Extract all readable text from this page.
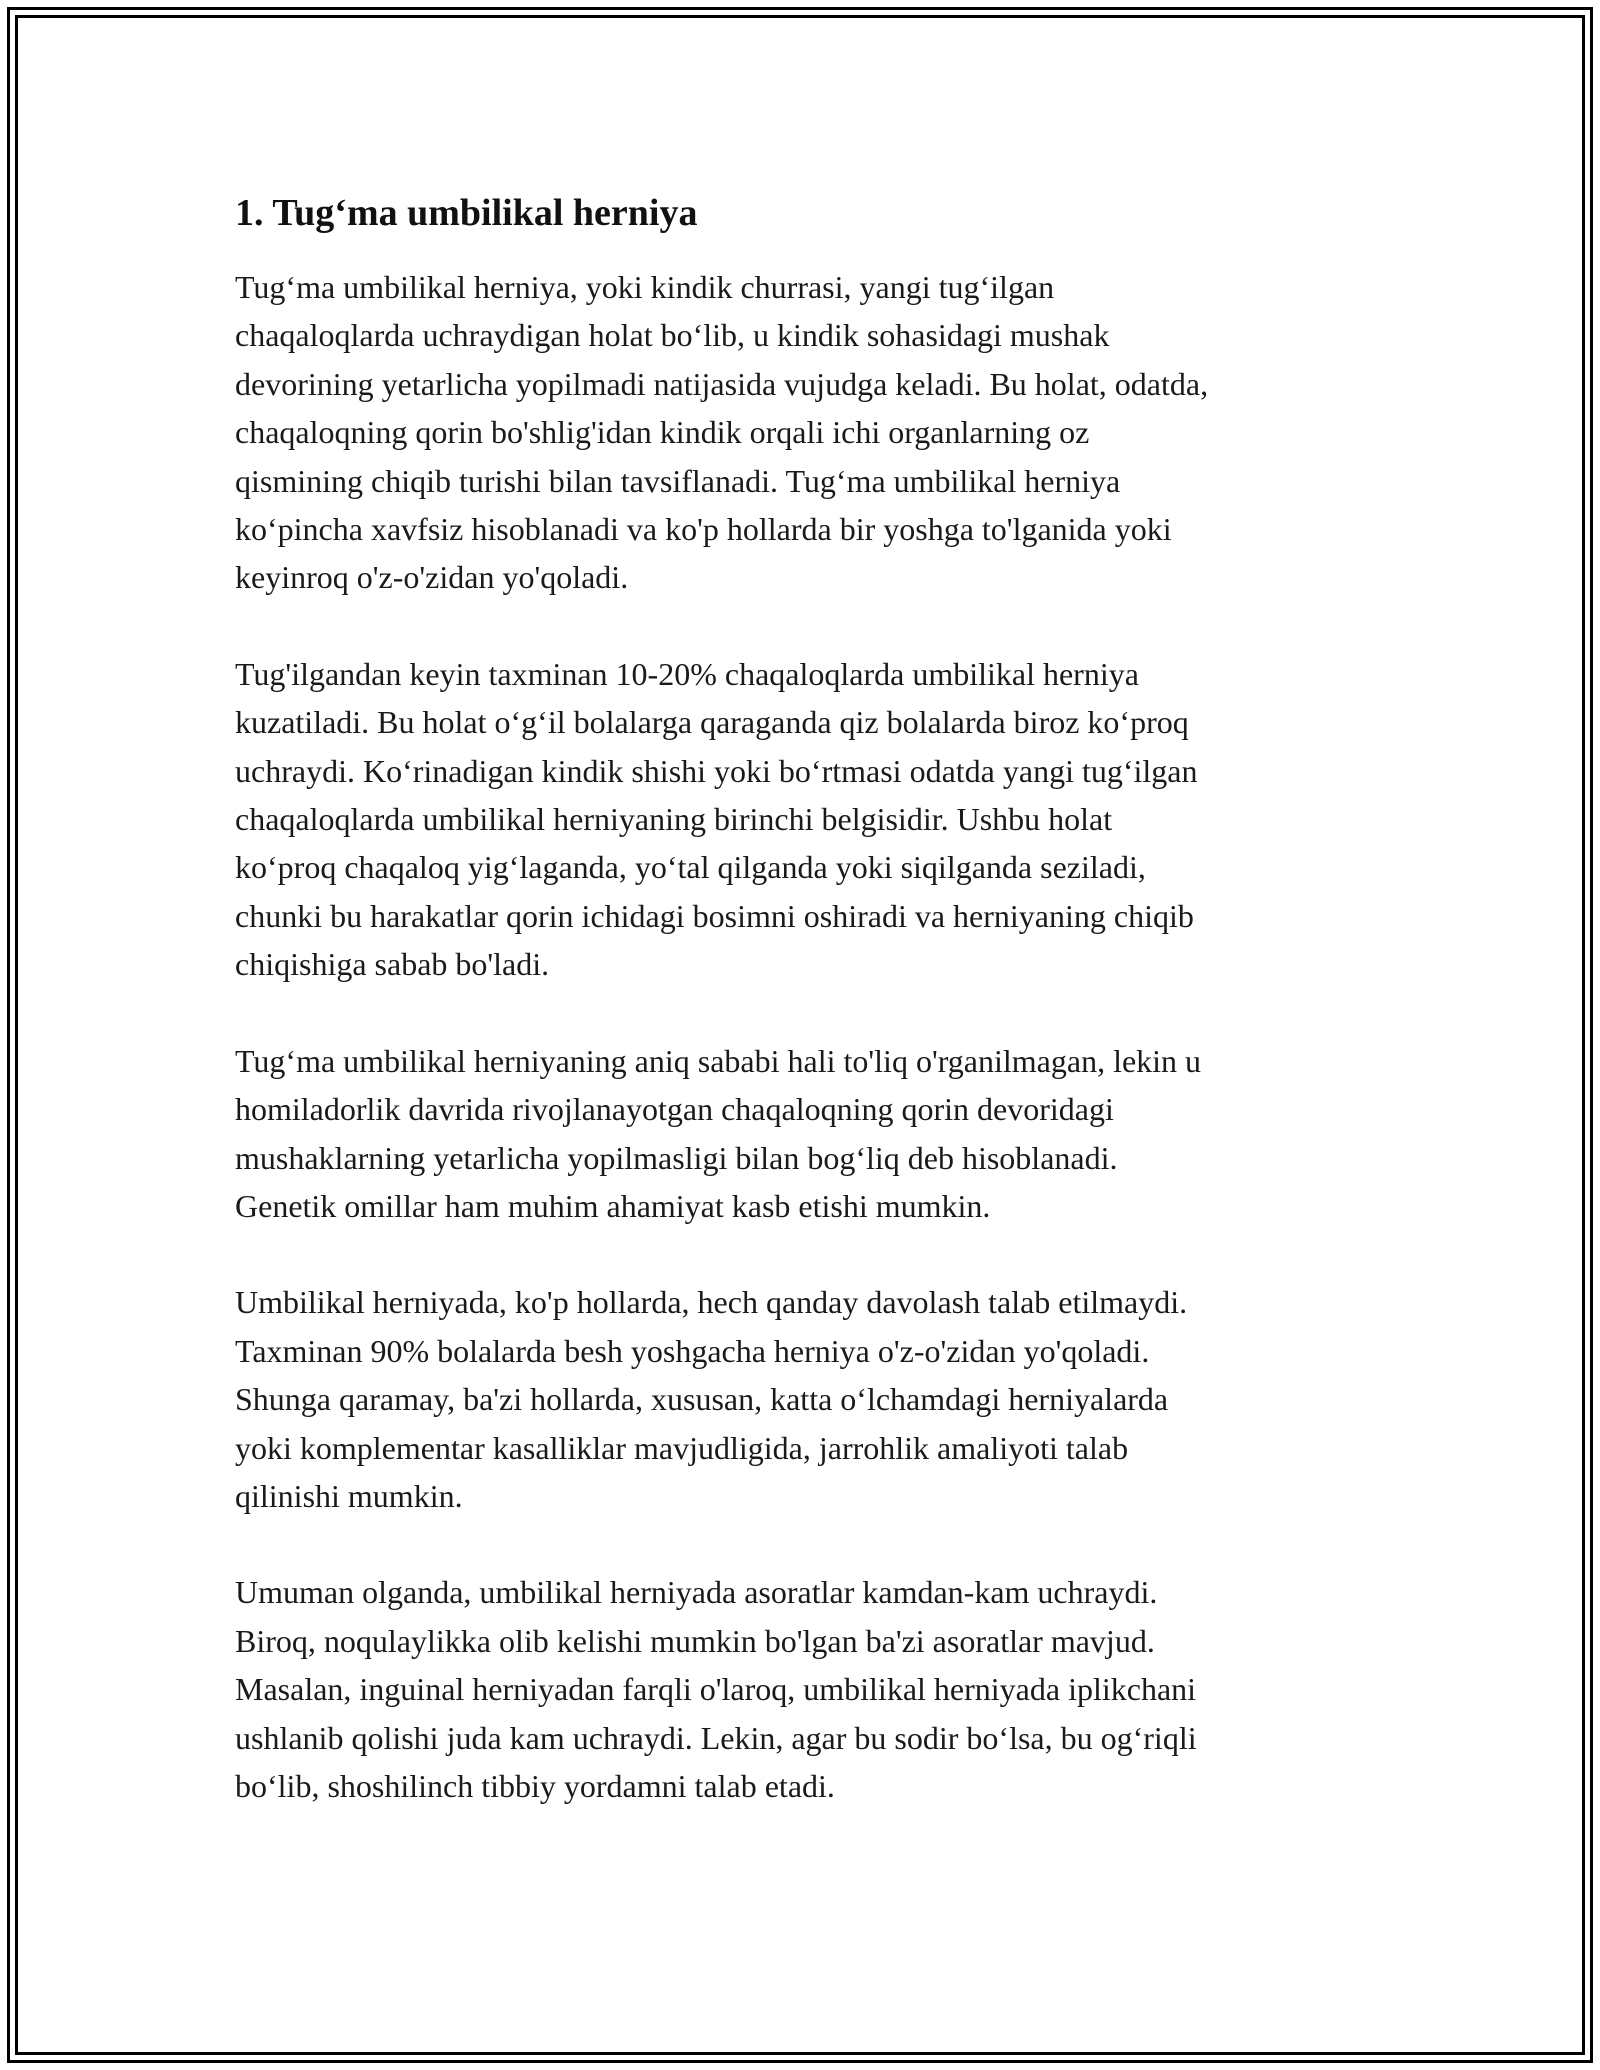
1. Tug‘ma umbilikal herniya

Tug‘ma umbilikal herniya, yoki kindik churrasi, yangi tug‘ilgan
chaqaloqlarda uchraydigan holat bo‘lib, u kindik sohasidagi mushak
devorining yetarlicha yopilmadi natijasida vujudga keladi. Bu holat, odatda,
chaqaloqning qorin bo'shlig'idan kindik orqali ichi organlarning oz
qismining chiqib turishi bilan tavsiflanadi. Tug‘ma umbilikal herniya
ko‘pincha xavfsiz hisoblanadi va ko'p hollarda bir yoshga to'lganida yoki
keyinroq o'z-o'zidan yo'qoladi.

Tug'ilgandan keyin taxminan 10-20% chaqaloqlarda umbilikal herniya
kuzatiladi. Bu holat o‘g‘il bolalarga qaraganda qiz bolalarda biroz ko‘proq
uchraydi. Ko‘rinadigan kindik shishi yoki bo‘rtmasi odatda yangi tug‘ilgan
chaqaloqlarda umbilikal herniyaning birinchi belgisidir. Ushbu holat
ko‘proq chaqaloq yig‘laganda, yo‘tal qilganda yoki siqilganda seziladi,
chunki bu harakatlar qorin ichidagi bosimni oshiradi va herniyaning chiqib
chiqishiga sabab bo'ladi.

Tug‘ma umbilikal herniyaning aniq sababi hali to'liq o'rganilmagan, lekin u
homiladorlik davrida rivojlanayotgan chaqaloqning qorin devoridagi
mushaklarning yetarlicha yopilmasligi bilan bog‘liq deb hisoblanadi.
Genetik omillar ham muhim ahamiyat kasb etishi mumkin.

Umbilikal herniyada, ko'p hollarda, hech qanday davolash talab etilmaydi.
Taxminan 90% bolalarda besh yoshgacha herniya o'z-o'zidan yo'qoladi.
Shunga qaramay, ba'zi hollarda, xususan, katta o‘lchamdagi herniyalarda
yoki komplementar kasalliklar mavjudligida, jarrohlik amaliyoti talab
qilinishi mumkin.

Umuman olganda, umbilikal herniyada asoratlar kamdan-kam uchraydi.
Biroq, noqulaylikka olib kelishi mumkin bo'lgan ba'zi asoratlar mavjud.
Masalan, inguinal herniyadan farqli o'laroq, umbilikal herniyada iplikchani
ushlanib qolishi juda kam uchraydi. Lekin, agar bu sodir bo‘lsa, bu og‘riqli
bo‘lib, shoshilinch tibbiy yordamni talab etadi.
